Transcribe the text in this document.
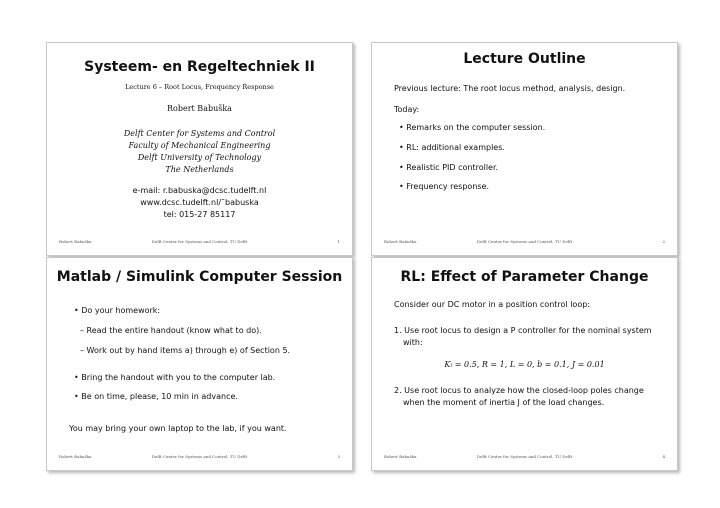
Systeem- en Regeltechniek II
Lecture 6 – Root Locus, Frequency Response
Robert Babuška
Delft Center for Systems and Control
Faculty of Mechanical Engineering
Delft University of Technology
The Netherlands
e-mail: r.babuska@dcsc.tudelft.nl
www.dcsc.tudelft.nl/˜babuska
tel: 015-27 85117
Robert Babuška	Delft Center for Systems and Control, TU Delft	1
Lecture Outline
Previous lecture: The root locus method, analysis, design.
Today:
• Remarks on the computer session.
• RL: additional examples.
• Realistic PID controller.
• Frequency response.
Robert Babuška	Delft Center for Systems and Control, TU Delft	2
Matlab / Simulink Computer Session
• Do your homework:
– Read the entire handout (know what to do).
– Work out by hand items a) through e) of Section 5.
• Bring the handout with you to the computer lab.
• Be on time, please, 10 min in advance.
You may bring your own laptop to the lab, if you want.
Robert Babuška	Delft Center for Systems and Control, TU Delft	3
RL: Effect of Parameter Change
Consider our DC motor in a position control loop:
1. Use root locus to design a P controller for the nominal system
with:
Kₗ = 0.5, R = 1, L = 0, b = 0.1, J = 0.01
2. Use root locus to analyze how the closed-loop poles change
when the moment of inertia J of the load changes.
Robert Babuška	Delft Center for Systems and Control, TU Delft	4
